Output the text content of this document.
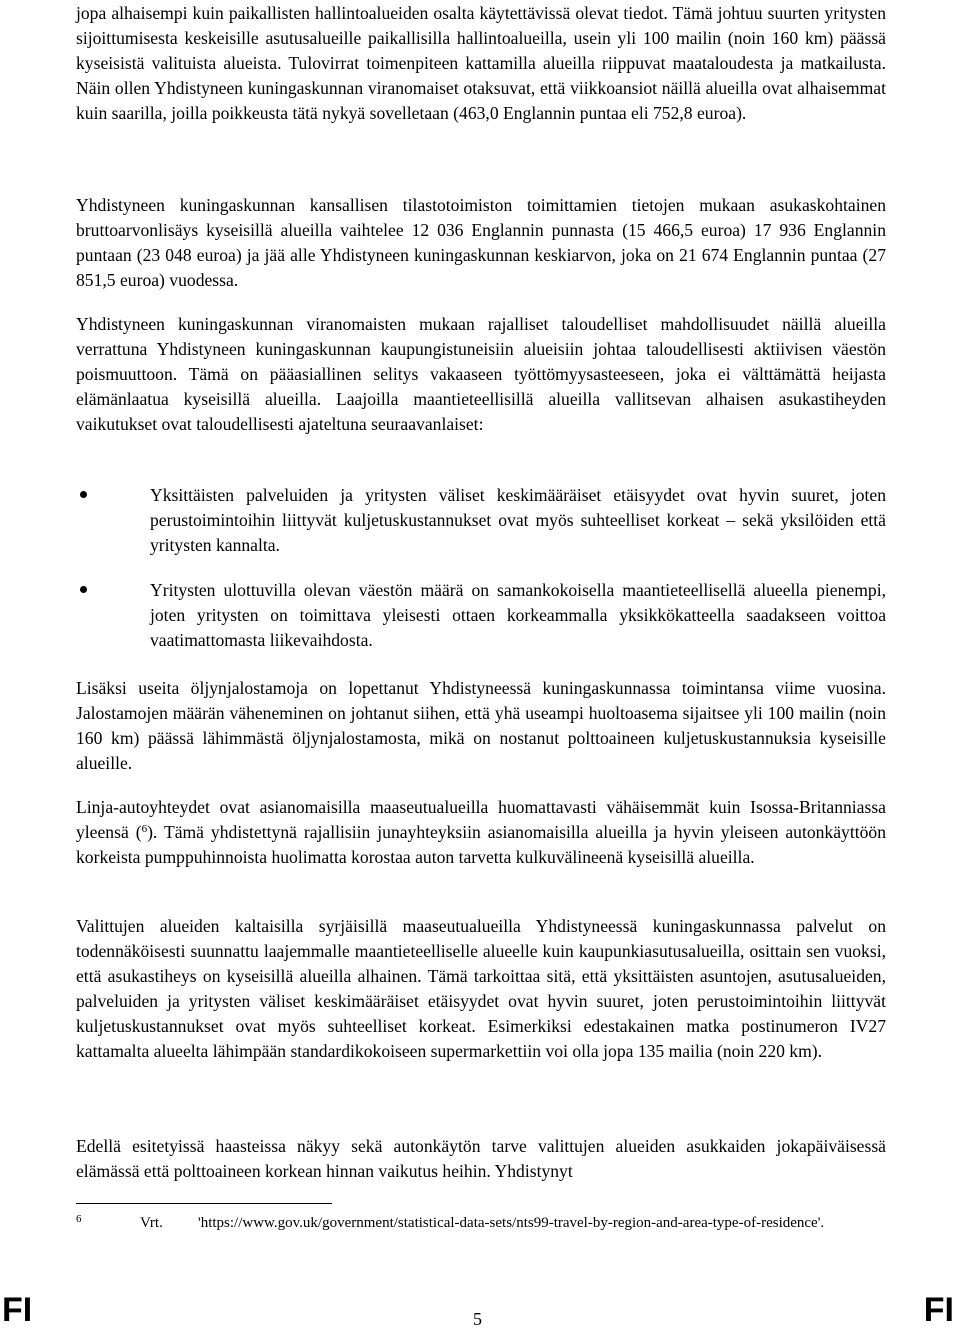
jopa alhaisempi kuin paikallisten hallintoalueiden osalta käytettävissä olevat tiedot. Tämä johtuu suurten yritysten sijoittumisesta keskeisille asutusalueille paikallisilla hallintoalueilla, usein yli 100 mailin (noin 160 km) päässä kyseisistä valituista alueista. Tulovirrat toimenpiteen kattamilla alueilla riippuvat maataloudesta ja matkailusta. Näin ollen Yhdistyneen kuningaskunnan viranomaiset otaksuvat, että viikkoansiot näillä alueilla ovat alhaisemmat kuin saarilla, joilla poikkeusta tätä nykyä sovelletaan (463,0 Englannin puntaa eli 752,8 euroa).

Yhdistyneen kuningaskunnan kansallisen tilastotoimiston toimittamien tietojen mukaan asukaskohtainen bruttoarvonlisäys kyseisillä alueilla vaihtelee 12 036 Englannin punnasta (15 466,5 euroa) 17 936 Englannin puntaan (23 048 euroa) ja jää alle Yhdistyneen kuningaskunnan keskiarvon, joka on 21 674 Englannin puntaa (27 851,5 euroa) vuodessa.

Yhdistyneen kuningaskunnan viranomaisten mukaan rajalliset taloudelliset mahdollisuudet näillä alueilla verrattuna Yhdistyneen kuningaskunnan kaupungistuneisiin alueisiin johtaa taloudellisesti aktiivisen väestön poismuuttoon. Tämä on pääasiallinen selitys vakaaseen työttömyysasteeseen, joka ei välttämättä heijasta elämänlaatua kyseisillä alueilla. Laajoilla maantieteellisillä alueilla vallitsevan alhaisen asukastiheyden vaikutukset ovat taloudellisesti ajateltuna seuraavanlaiset:

Yksittäisten palveluiden ja yritysten väliset keskimääräiset etäisyydet ovat hyvin suuret, joten perustoimintoihin liittyvät kuljetuskustannukset ovat myös suhteelliset korkeat – sekä yksilöiden että yritysten kannalta.

Yritysten ulottuvilla olevan väestön määrä on samankokoisella maantieteellisellä alueella pienempi, joten yritysten on toimittava yleisesti ottaen korkeammalla yksikkökatteella saadakseen voittoa vaatimattomasta liikevaihdosta.

Lisäksi useita öljynjalostamoja on lopettanut Yhdistyneessä kuningaskunnassa toimintansa viime vuosina. Jalostamojen määrän väheneminen on johtanut siihen, että yhä useampi huoltoasema sijaitsee yli 100 mailin (noin 160 km) päässä lähimmästä öljynjalostamosta, mikä on nostanut polttoaineen kuljetuskustannuksia kyseisille alueille.

Linja-autoyhteydet ovat asianomaisilla maaseutualueilla huomattavasti vähäisemmät kuin Isossa-Britanniassa yleensä ($^6$). Tämä yhdistettynä rajallisiin junayhteyksiin asianomaisilla alueilla ja hyvin yleiseen autonkäyttöön korkeista pumppuhinnoista huolimatta korostaa auton tarvetta kulkuvälineenä kyseisillä alueilla.

Valittujen alueiden kaltaisilla syrjäisillä maaseutualueilla Yhdistyneessä kuningaskunnassa palvelut on todennäköisesti suunnattu laajemmalle maantieteelliselle alueelle kuin kaupunkiasutusalueilla, osittain sen vuoksi, että asukastiheys on kyseisillä alueilla alhainen. Tämä tarkoittaa sitä, että yksittäisten asuntojen, asutusalueiden, palveluiden ja yritysten väliset keskimääräiset etäisyydet ovat hyvin suuret, joten perustoimintoihin liittyvät kuljetuskustannukset ovat myös suhteelliset korkeat. Esimerkiksi edestakainen matka postinumeron IV27 kattamalta alueelta lähimpään standardikokoiseen supermarkettiin voi olla jopa 135 mailia (noin 220 km).

Edellä esitetyissä haasteissa näkyy sekä autonkäytön tarve valittujen alueiden asukkaiden jokapäiväisessä elämässä että polttoaineen korkean hinnan vaikutus heihin. Yhdistynyt

6	Vrt. 'https://www.gov.uk/government/statistical-data-sets/nts99-travel-by-region-and-area-type-of-residence'.
FI	5	FI
